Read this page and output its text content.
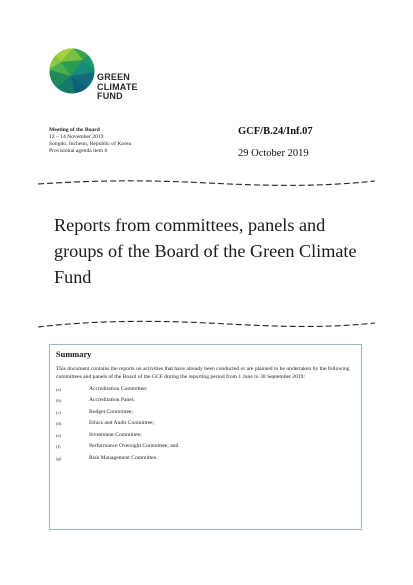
GREEN
CLIMATE
FUND
Meeting of the Board
12 – 14 November 2019
Songdo, Incheon, Republic of Korea
Provisional agenda item 6
GCF/B.24/Inf.07
29 October 2019
Reports from committees, panels and groups of the Board of the Green Climate Fund
Summary
This document contains the reports on activities that have already been conducted or are planned to be undertaken by the following committees and panels of the Board of the GCF during the reporting period from 1 June to 30 September 2019:
(a)	Accreditation Committee;
(b)	Accreditation Panel;
(c)	Budget Committee;
(d)	Ethics and Audit Committee;
(e)	Investment Committee;
(f)	Performance Oversight Committee; and
(g)	Risk Management Committee.
